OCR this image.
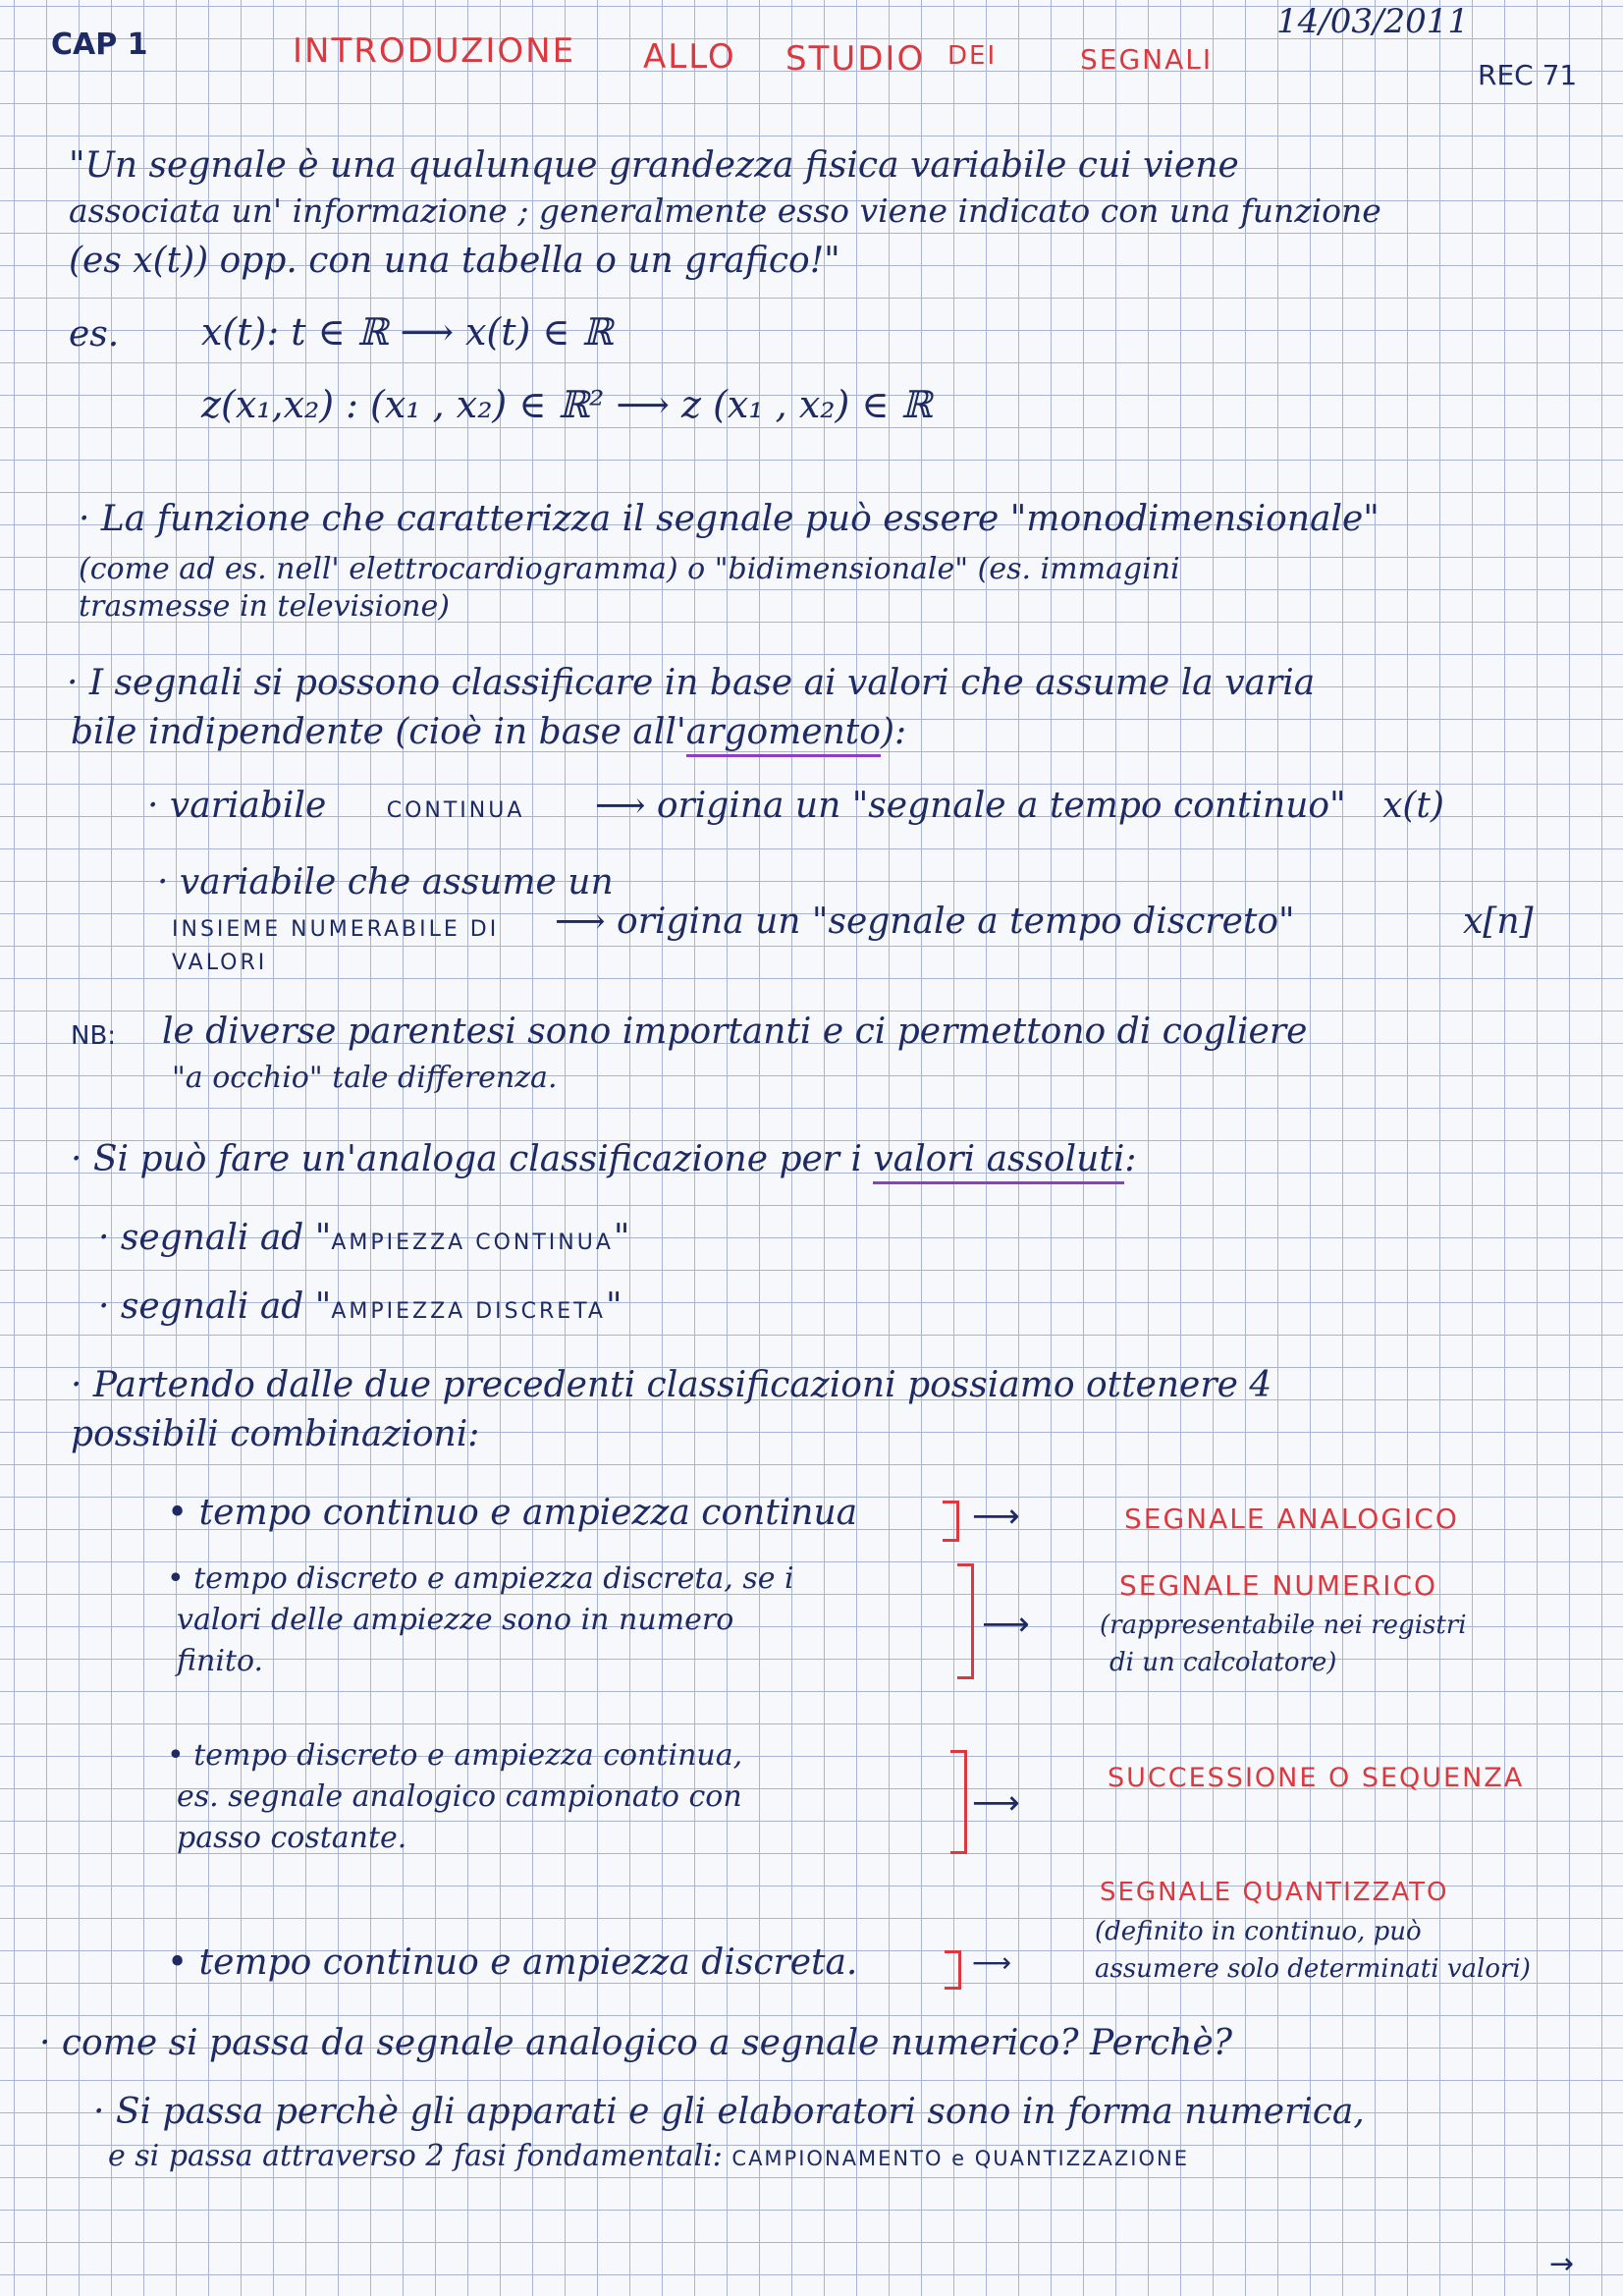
CAP 1	INTRODUZIONE ALLO STUDIO DEI	SEGNALI
14/03/2011
REC 71
"Un segnale è una qualunque grandezza fisica variabile cui viene
associata un' informazione ; generalmente esso viene indicato con una funzione
(es x(t)) opp. con una tabella o un grafico!"
es. x(t): t ∈ ℝ ⟶ x(t) ∈ ℝ
z(x₁,x₂) : (x₁ , x₂) ∈ ℝ² ⟶ z (x₁ , x₂) ∈ ℝ
· La funzione che caratterizza il segnale può essere "monodimensionale"
(come ad es. nell' elettrocardiogramma) o "bidimensionale" (es. immagini
trasmesse in televisione)
· I segnali si possono classificare in base ai valori che assume la varia
bile indipendente (cioè in base all'argomento):
· variabile	CONTINUA ⟶ origina un "segnale a tempo continuo" x(t)
· variabile che assume un
INSIEME NUMERABILE DI
VALORI
⟶ origina un "segnale a tempo discreto"	x[n]
NB: le diverse parentesi sono importanti e ci permettono di cogliere
"a occhio" tale differenza.
· Si può fare un'analoga classificazione per i valori assoluti:
· segnali ad "AMPIEZZA CONTINUA"
· segnali ad "AMPIEZZA DISCRETA"
· Partendo dalle due precedenti classificazioni possiamo ottenere 4
possibili combinazioni:
• tempo continuo e ampiezza continua	⟶	SEGNALE ANALOGICO
• tempo discreto e ampiezza discreta, se i
valori delle ampiezze sono in numero
finito.
⟶
SEGNALE NUMERICO
(rappresentabile nei registri
di un calcolatore)
• tempo discreto e ampiezza continua,
es. segnale analogico campionato con
passo costante.
⟶
SUCCESSIONE O SEQUENZA
• tempo continuo e ampiezza discreta.	⟶
SEGNALE QUANTIZZATO
(definito in continuo, può
assumere solo determinati valori)
· come si passa da segnale analogico a segnale numerico? Perchè?
· Si passa perchè gli apparati e gli elaboratori sono in forma numerica,
e si passa attraverso 2 fasi fondamentali: CAMPIONAMENTO e QUANTIZZAZIONE
→
